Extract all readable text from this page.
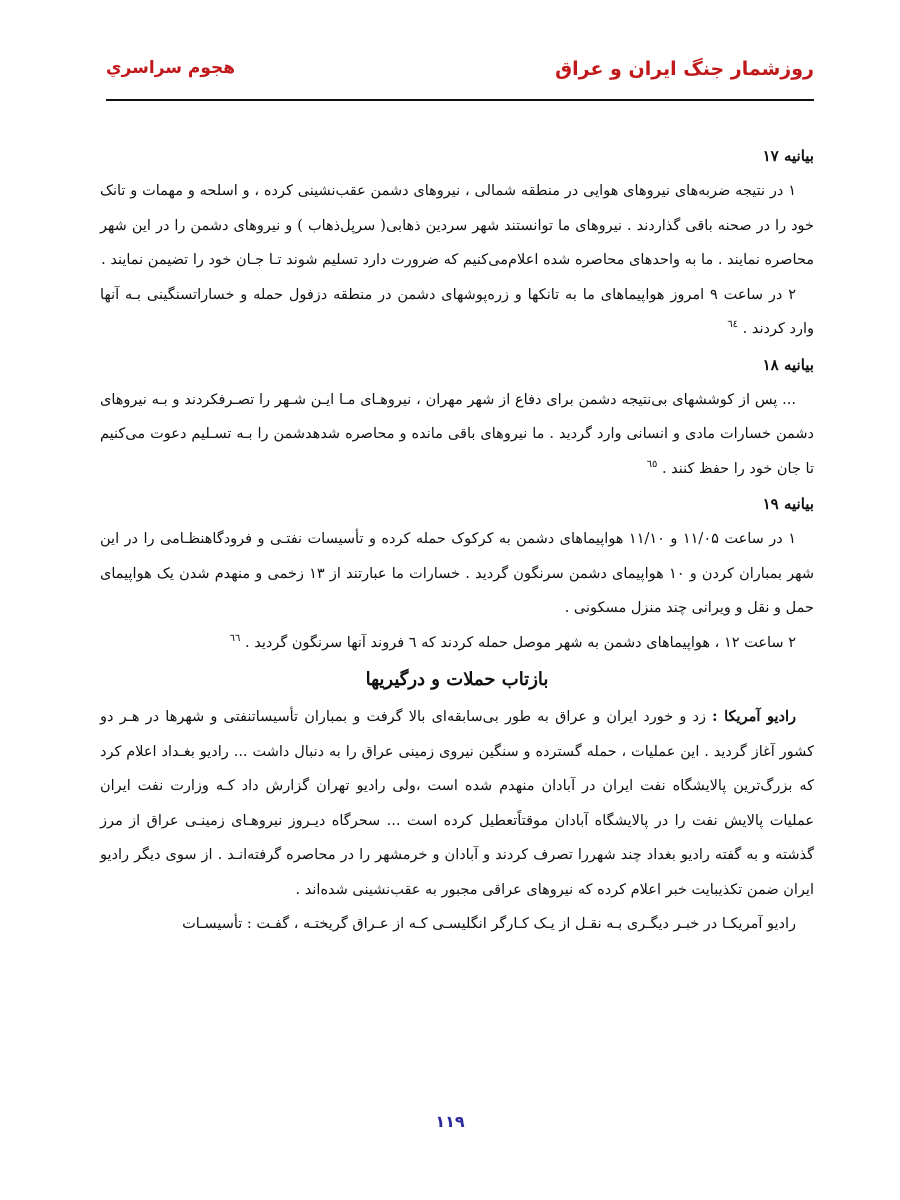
روزشمار جنگ ایران و عراق
هجوم سراسري
بیانیه ۱۷

۱ در نتیجه ضربه‌های نیروهای هوایی در منطقه شمالی ، نیروهای دشمن عقب‌نشینی کرده ، و اسلحه و مهمات و تانک خود را در صحنه باقی گذاردند . نیروهای ما توانستند شهر سردین ذهابی( سرپل‌ذهاب ) و نیروهای دشمن را در این شهر محاصره نمایند . ما به واحدهای محاصره شده اعلام‌می‌کنیم که ضرورت دارد تسلیم شوند تـا جـان خود را تضیمن نمایند .

۲ در ساعت ۹ امروز هواپیماهای ما به تانکها و زره‌پوشهای دشمن در منطقه دزفول حمله و خساراتسنگینی بـه آنها وارد کردند . $^{٦٤}$

بیانیه ۱۸

... پس از کوششهای بی‌نتیجه دشمن برای دفاع از شهر مهران ، نیروهـای مـا ایـن شـهر را تصـرفکردند و بـه نیروهای دشمن خسارات مادی و انسانی وارد گردید . ما نیروهای باقی مانده و محاصره شدهدشمن را بـه تسـلیم دعوت می‌کنیم تا جان خود را حفظ کنند . $^{٦٥}$

بیانیه ۱۹

۱ در ساعت ۱۱/۰۵ و ۱۱/۱۰ هواپیماهای دشمن به کرکوک حمله کرده و تأسیسات نفتـی و فرودگاهنظـامی را در این شهر بمباران کردن و ۱۰ هواپیمای دشمن سرنگون گردید . خسارات ما عبارتند از ۱۳ زخمی و منهدم شدن یک هواپیمای حمل و نقل و ویرانی چند منزل مسکونی .

۲ ساعت ۱۲ ، هواپیماهای دشمن به شهر موصل حمله کردند که ٦ فروند آنها سرنگون گردید . $^{٦٦}$

بازتاب حملات و درگیریها

رادیو آمریکا : زد و خورد ایران و عراق به طور بی‌سابقه‌ای بالا گرفت و بمباران تأسیساتنفتی و شهرها در هـر دو کشور آغاز گردید . این عملیات ، حمله گسترده و سنگین نیروی زمینی عراق را به دنبال داشت ... رادیو بغـداد اعلام کرد که بزرگ‌ترین پالایشگاه نفت ایران در آبادان منهدم شده است ،ولی رادیو تهران گزارش داد کـه وزارت نفت ایران عملیات پالایش نفت را در پالایشگاه آبادان موقتاًتعطیل کرده است ... سحرگاه دیـروز نیروهـای زمینـی عراق از مرز گذشته و به گفته رادیو بغداد چند شهررا تصرف کردند و آبادان و خرمشهر را در محاصره گرفته‌انـد . از سوی دیگر رادیو ایران ضمن تکذیبایت خبر اعلام کرده که نیروهای عراقی مجبور به عقب‌نشینی شده‌اند .

رادیو آمریکـا در خبـر دیگـری بـه نقـل از یـک کـارگر انگلیسـی کـه از عـراق گریختـه ، گفـت : تأسیسـات

۱۱۹
